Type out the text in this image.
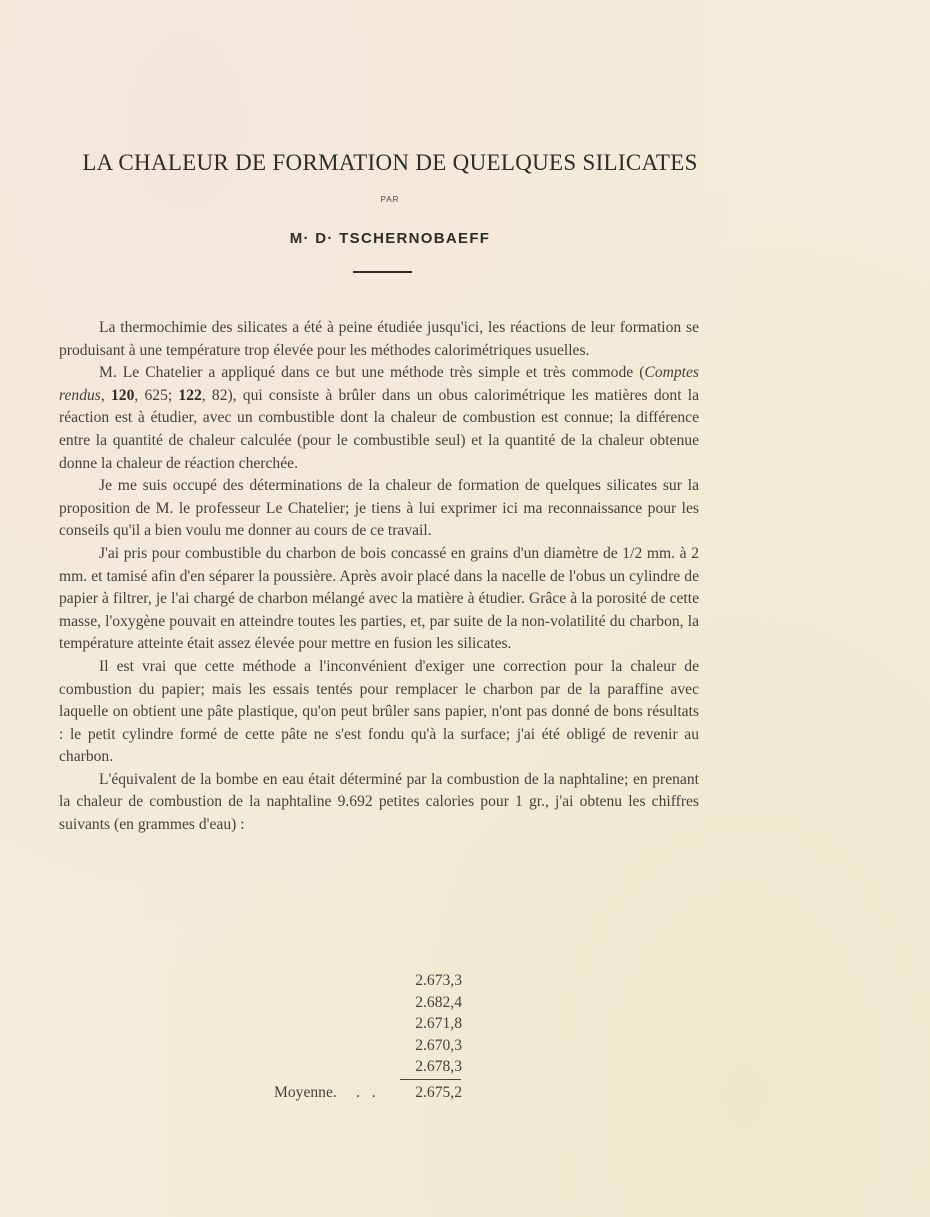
LA CHALEUR DE FORMATION DE QUELQUES SILICATES
PAR
M· D· TSCHERNOBAEFF

La thermochimie des silicates a été à peine étudiée jusqu'ici, les réactions de leur formation se produisant à une température trop élevée pour les méthodes calorimétriques usuelles.

M. Le Chatelier a appliqué dans ce but une méthode très simple et très commode (Comptes rendus, 120, 625; 122, 82), qui consiste à brûler dans un obus calorimétrique les matières dont la réaction est à étudier, avec un combustible dont la chaleur de combustion est connue; la différence entre la quantité de chaleur calculée (pour le combustible seul) et la quantité de la chaleur obtenue donne la chaleur de réaction cherchée.

Je me suis occupé des déterminations de la chaleur de formation de quelques silicates sur la proposition de M. le professeur Le Chatelier; je tiens à lui exprimer ici ma reconnaissance pour les conseils qu'il a bien voulu me donner au cours de ce travail.

J'ai pris pour combustible du charbon de bois concassé en grains d'un diamètre de 1/2 mm. à 2 mm. et tamisé afin d'en séparer la poussière. Après avoir placé dans la nacelle de l'obus un cylindre de papier à filtrer, je l'ai chargé de charbon mélangé avec la matière à étudier. Grâce à la porosité de cette masse, l'oxygène pouvait en atteindre toutes les parties, et, par suite de la non-volatilité du charbon, la température atteinte était assez élevée pour mettre en fusion les silicates.

Il est vrai que cette méthode a l'inconvénient d'exiger une correction pour la chaleur de combustion du papier; mais les essais tentés pour remplacer le charbon par de la paraffine avec laquelle on obtient une pâte plastique, qu'on peut brûler sans papier, n'ont pas donné de bons résultats : le petit cylindre formé de cette pâte ne s'est fondu qu'à la surface; j'ai été obligé de revenir au charbon.

L'équivalent de la bombe en eau était déterminé par la combustion de la naphtaline; en prenant la chaleur de combustion de la naphtaline 9.692 petites calories pour 1 gr., j'ai obtenu les chiffres suivants (en grammes d'eau) :

2.673,3
2.682,4
2.671,8
2.670,3
2.678,3
Moyenne. . .	2.675,2
